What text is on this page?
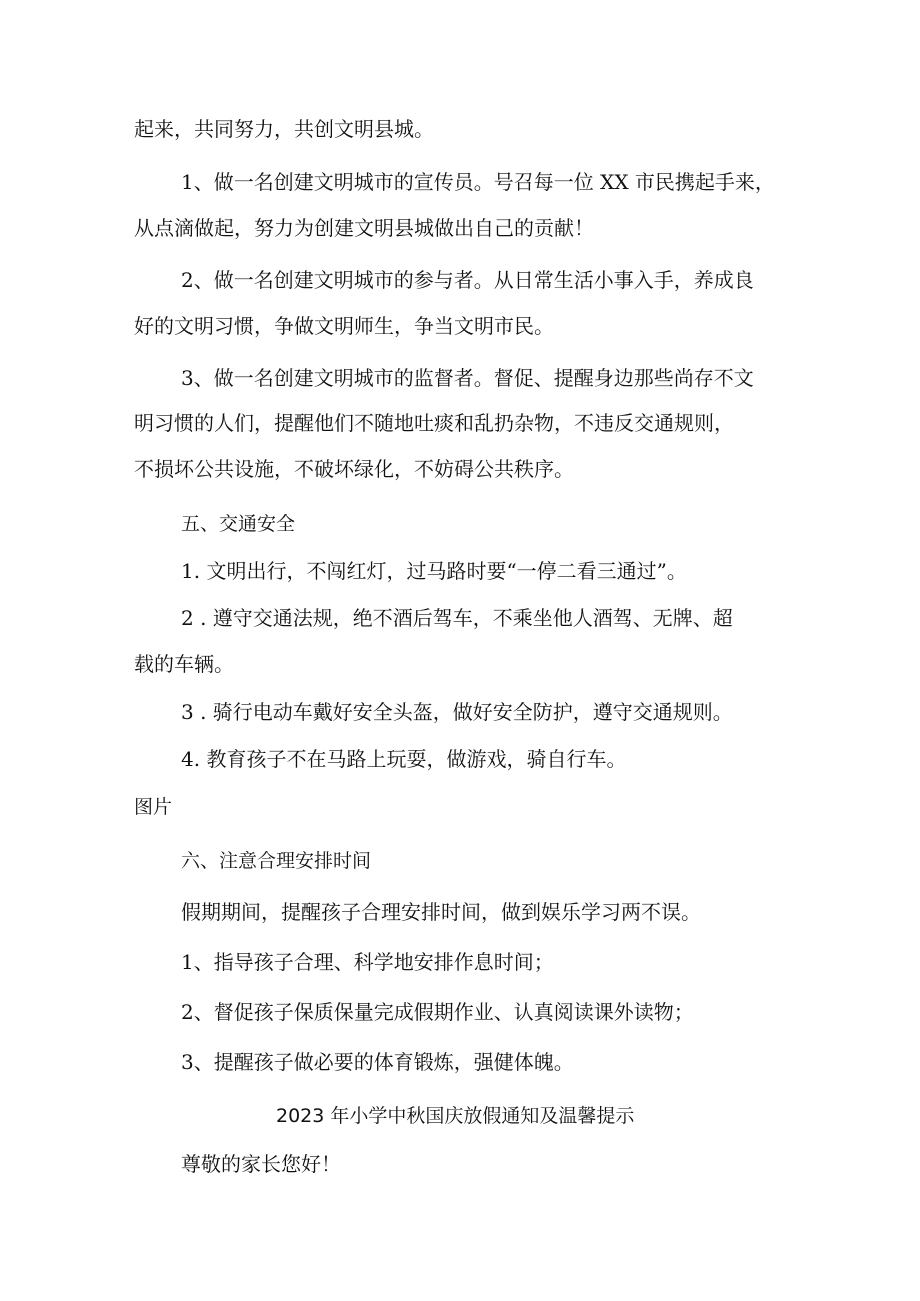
起来，共同努力，共创文明县城。
1、做一名创建文明城市的宣传员。号召每一位 XX 市民携起手来，
从点滴做起，努力为创建文明县城做出自己的贡献！
2、做一名创建文明城市的参与者。从日常生活小事入手，养成良
好的文明习惯，争做文明师生，争当文明市民。
3、做一名创建文明城市的监督者。督促、提醒身边那些尚存不文
明习惯的人们，提醒他们不随地吐痰和乱扔杂物，不违反交通规则，
不损坏公共设施，不破坏绿化，不妨碍公共秩序。
五、交通安全
1. 文明出行，不闯红灯，过马路时要“一停二看三通过”。
2 . 遵守交通法规，绝不酒后驾车，不乘坐他人酒驾、无牌、超
载的车辆。
3 . 骑行电动车戴好安全头盔，做好安全防护，遵守交通规则。
4. 教育孩子不在马路上玩耍，做游戏，骑自行车。
图片
六、注意合理安排时间
假期期间，提醒孩子合理安排时间，做到娱乐学习两不误。
1、指导孩子合理、科学地安排作息时间；
2、督促孩子保质保量完成假期作业、认真阅读课外读物；
3、提醒孩子做必要的体育锻炼，强健体魄。
2023 年小学中秋国庆放假通知及温馨提示
尊敬的家长您好！
